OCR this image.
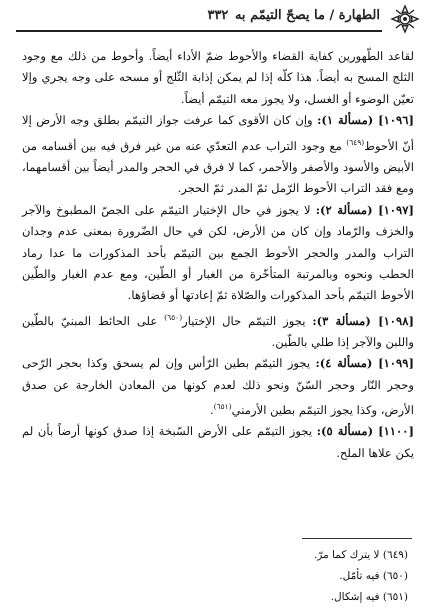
الطهارة / ما يصحّ التيمّم به ٣٣٢

لقاعد الطّهورين كفاية القضاء والأحوط ضمّ الأداء أيضاً. وأحوط من ذلك مع وجود الثلج المسح به أيضاً. هذا كلّه إذا لم يمكن إذابة الثّلج أو مسحه على وجه يجري وإلا تعيّن الوضوء أو الغسل، ولا يجوز معه التيمّم أيضاً.

[١٠٩٦] (مسألة ١): وإن كان الأقوى كما عرفت جواز التيمّم بطلق وجه الأرض إلا أنّ الأحوط$^{(٦٤٩)}$ مع وجود التراب عدم التعدّي عنه من غير فرق فيه بين أقسامه من الأبيض والأسود والأصفر والأحمر، كما لا فرق في الحجر والمدر أيضاً بين أقسامهما، ومع فقد التراب الأحوط الرّمل ثمّ المدر ثمّ الحجر.

[١٠٩٧] (مسألة ٢): لا يجوز في حال الإختيار التيمّم على الجصّ المطبوخ والآجر والخزف والرّماد وإن كان من الأرض، لكن في حال الضّرورة بمعنى عدم وجدان التراب والمدر والحجر الأحوط الجمع بين التيمّم بأحد المذكورات ما عدا رماد الحطب ونحوه وبالمرتبة المتأخّرة من الغبار أو الطّين، ومع عدم الغبار والطّين الأحوط التيمّم بأحد المذكورات والصّلاة ثمّ إعادتها أو قضاؤها.

[١٠٩٨] (مسألة ٣): يجوز التيمّم حال الإختيار$^{(٦٥٠)}$ على الحائط المبنيّ بالطّين واللبن والآجر إذا طلي بالطّين.

[١٠٩٩] (مسألة ٤): يجوز التيمّم بطين الرّأس وإن لم يسحق وكذا بحجر الرّحى وحجر النّار وحجر السّنّ ونحو ذلك لعدم كونها من المعادن الخارجة عن صدق الأرض، وكذا يجوز التيمّم بطين الأرمني$^{(٦٥١)}$.

[١١٠٠] (مسألة ٥): يجوز التيمّم على الأرض السّبخة إذا صدق كونها أرضاً بأن لم يكن علاها الملح.

(٦٤٩) لا يترك كما مرّ.

(٦٥٠) فيه تأمّل.

(٦٥١) فيه إشكال.
